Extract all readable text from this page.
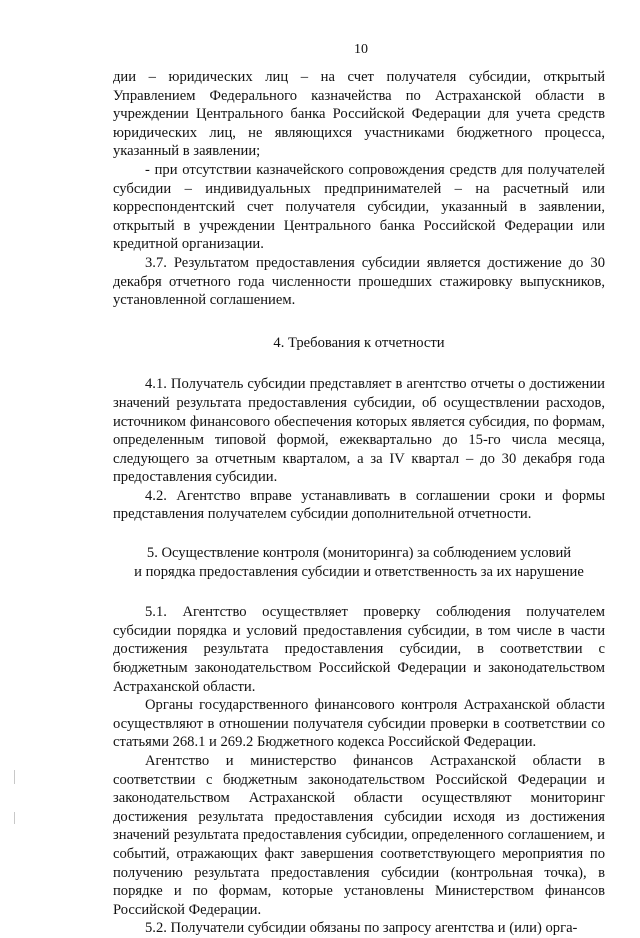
10

дии – юридических лиц – на счет получателя субсидии, открытый Управлением Федерального казначейства по Астраханской области в учреждении Центрального банка Российской Федерации для учета средств юридических лиц, не являющихся участниками бюджетного процесса, указанный в заявлении;

- при отсутствии казначейского сопровождения средств для получателей субсидии – индивидуальных предпринимателей – на расчетный или корреспондентский счет получателя субсидии, указанный в заявлении, открытый в учреждении Центрального банка Российской Федерации или кредитной организации.

3.7. Результатом предоставления субсидии является достижение до 30 декабря отчетного года численности прошедших стажировку выпускников, установленной соглашением.

4. Требования к отчетности

4.1. Получатель субсидии представляет в агентство отчеты о достижении значений результата предоставления субсидии, об осуществлении расходов, источником финансового обеспечения которых является субсидия, по формам, определенным типовой формой, ежеквартально до 15-го числа месяца, следующего за отчетным кварталом, а за IV квартал – до 30 декабря года предоставления субсидии.

4.2. Агентство вправе устанавливать в соглашении сроки и формы представления получателем субсидии дополнительной отчетности.

5. Осуществление контроля (мониторинга) за соблюдением условий
и порядка предоставления субсидии и ответственность за их нарушение

5.1. Агентство осуществляет проверку соблюдения получателем субсидии порядка и условий предоставления субсидии, в том числе в части достижения результата предоставления субсидии, в соответствии с бюджетным законодательством Российской Федерации и законодательством Астраханской области.

Органы государственного финансового контроля Астраханской области осуществляют в отношении получателя субсидии проверки в соответствии со статьями 268.1 и 269.2 Бюджетного кодекса Российской Федерации.

Агентство и министерство финансов Астраханской области в соответствии с бюджетным законодательством Российской Федерации и законодательством Астраханской области осуществляют мониторинг достижения результата предоставления субсидии исходя из достижения значений результата предоставления субсидии, определенного соглашением, и событий, отражающих факт завершения соответствующего мероприятия по получению результата предоставления субсидии (контрольная точка), в порядке и по формам, которые установлены Министерством финансов Российской Федерации.

5.2. Получатели субсидии обязаны по запросу агентства и (или) орга-
